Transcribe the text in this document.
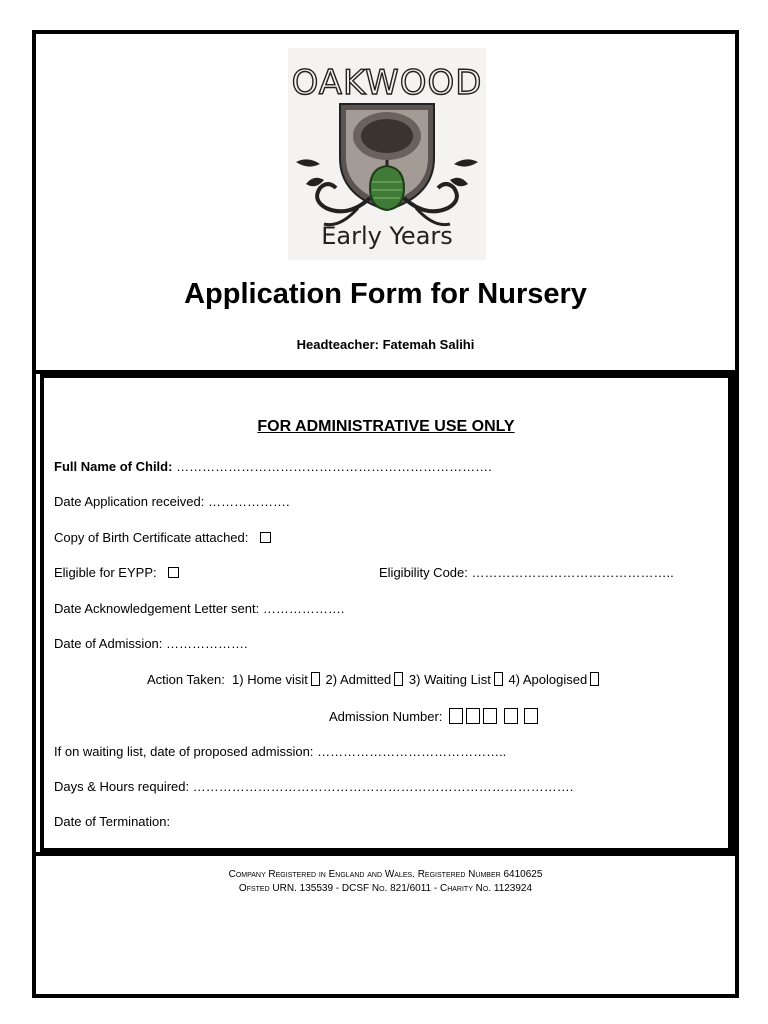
OAKWOOD
Early Years
Application Form for Nursery
Headteacher: Fatemah Salihi
FOR ADMINISTRATIVE USE ONLY
Full Name of Child: ……………………………………………………………….
Date Application received: ……………….
Copy of Birth Certificate attached:
Eligible for EYPP:	Eligibility Code: ………………………………………..
Date Acknowledgement Letter sent: ……………….
Date of Admission: ……………….
Action Taken: 1) Home visit 2) Admitted 3) Waiting List 4) Apologised
Admission Number:
If on waiting list, date of proposed admission: ……………………………………..
Days & Hours required: …………………………………………………………………………….
Date of Termination:
Company Registered in England and Wales. Registered Number 6410625
Ofsted URN. 135539 - DCSF No. 821/6011 - Charity No. 1123924
